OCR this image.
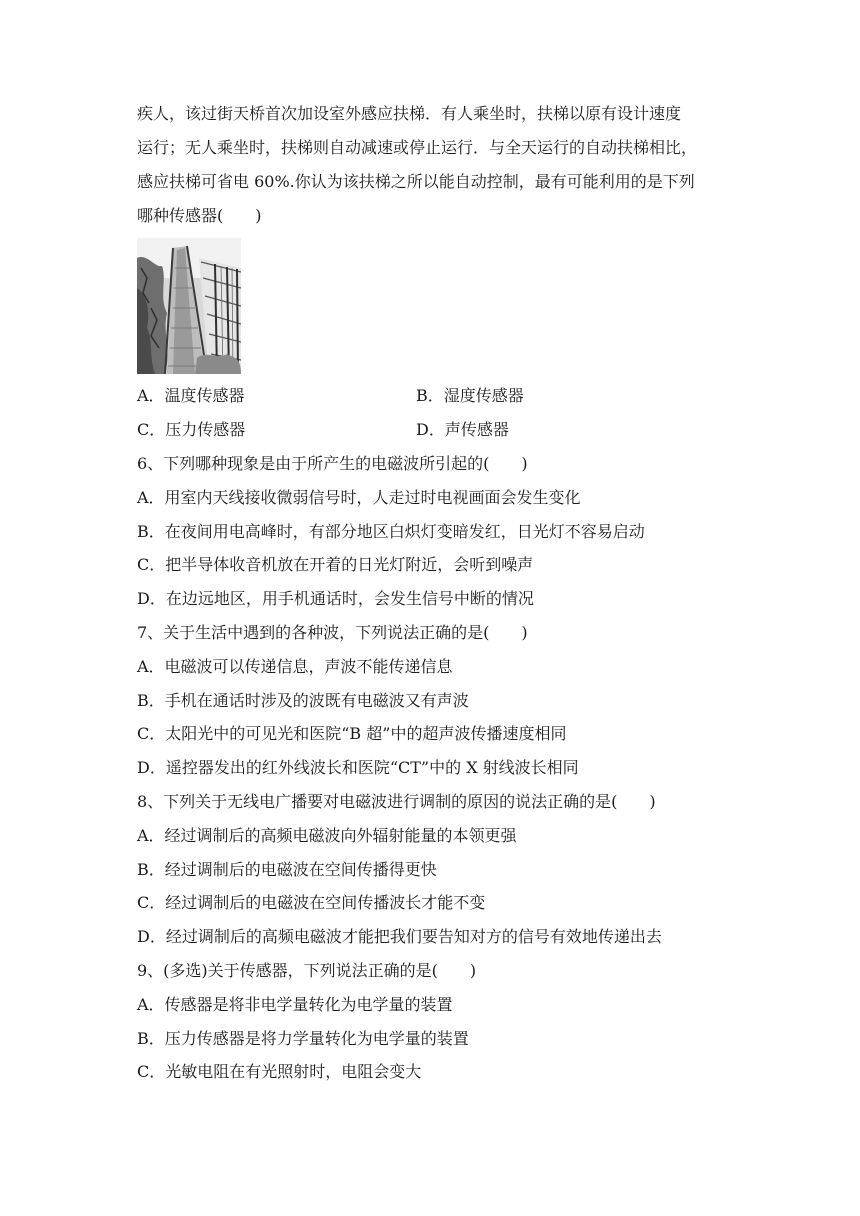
疾人，该过街天桥首次加设室外感应扶梯．有人乘坐时，扶梯以原有设计速度
运行；无人乘坐时，扶梯则自动减速或停止运行．与全天运行的自动扶梯相比，
感应扶梯可省电 60%.你认为该扶梯之所以能自动控制，最有可能利用的是下列
哪种传感器(　　)
A．温度传感器	B．湿度传感器
C．压力传感器	D．声传感器
6、下列哪种现象是由于所产生的电磁波所引起的(　　)
A．用室内天线接收微弱信号时，人走过时电视画面会发生变化
B．在夜间用电高峰时，有部分地区白炽灯变暗发红，日光灯不容易启动
C．把半导体收音机放在开着的日光灯附近，会听到噪声
D．在边远地区，用手机通话时，会发生信号中断的情况
7、关于生活中遇到的各种波，下列说法正确的是(　　)
A．电磁波可以传递信息，声波不能传递信息
B．手机在通话时涉及的波既有电磁波又有声波
C．太阳光中的可见光和医院“B 超”中的超声波传播速度相同
D．遥控器发出的红外线波长和医院“CT”中的 X 射线波长相同
8、下列关于无线电广播要对电磁波进行调制的原因的说法正确的是(　　)
A．经过调制后的高频电磁波向外辐射能量的本领更强
B．经过调制后的电磁波在空间传播得更快
C．经过调制后的电磁波在空间传播波长才能不变
D．经过调制后的高频电磁波才能把我们要告知对方的信号有效地传递出去
9、(多选)关于传感器，下列说法正确的是(　　)
A．传感器是将非电学量转化为电学量的装置
B．压力传感器是将力学量转化为电学量的装置
C．光敏电阻在有光照射时，电阻会变大
